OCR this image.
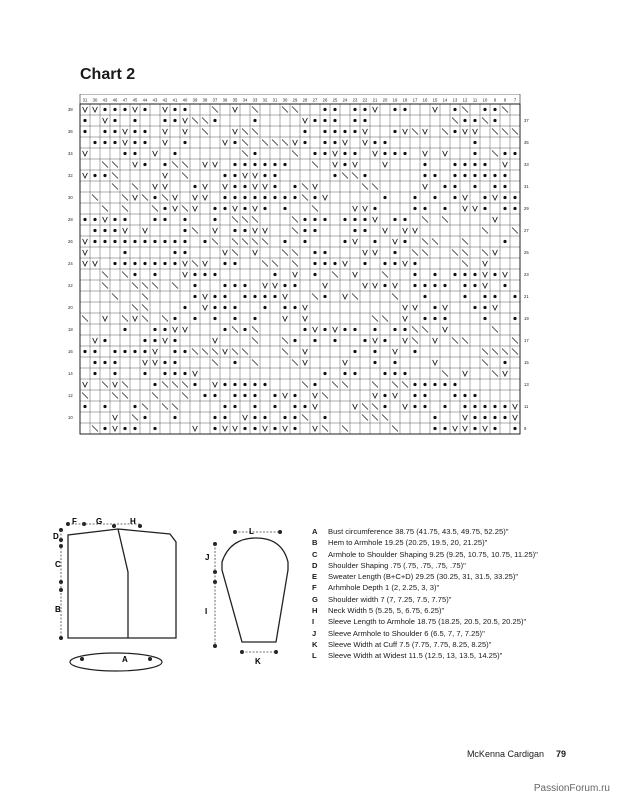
Chart 2
31 30 43 46 47 45 44 43 42 41 40 39 38 37 36 35 34 33 32 31 30 29 28 27 26 25 24 23 22 21 20 19 18 17 16 15 14 13 12 11 10 9 8 7
38
37
36
35
34
33
32
31
30
29
28
27
26
25
24
23
22
21
20
19
18
17
16
15
14
13
12
11
10
9
F G	H
D
C
B
A
L
J
I
K
A Bust circumference 38.75 (41.75, 43.5, 49.75, 52.25)"
B Hem to Armhole 19.25 (20.25, 19.5, 20, 21.25)"
C Armhole to Shoulder Shaping 9.25 (9.25, 10.75, 10.75, 11.25)"
D Shoulder Shaping .75 (.75, .75, .75, .75)"
E Sweater Length (B+C+D) 29.25 (30.25, 31, 31.5, 33.25)"
F Arhmhole Depth 1 (2, 2.25, 3, 3)"
G Shoulder width 7 (7, 7.25, 7.5, 7.75)"
H Neck Width 5 (5.25, 5, 6.75, 6.25)"
I Sleeve Length to Armhole 18.75 (18.25, 20.5, 20.5, 20.25)"
J Sleeve Armhole to Shoulder 6 (6.5, 7, 7, 7.25)"
K Sleeve Width at Cuff 7.5 (7.75, 7.75, 8.25, 8.25)"
L Sleeve Width at Widest 11.5 (12.5, 13, 13.5, 14.25)"
McKenna Cardigan 79
PassionForum.ru
